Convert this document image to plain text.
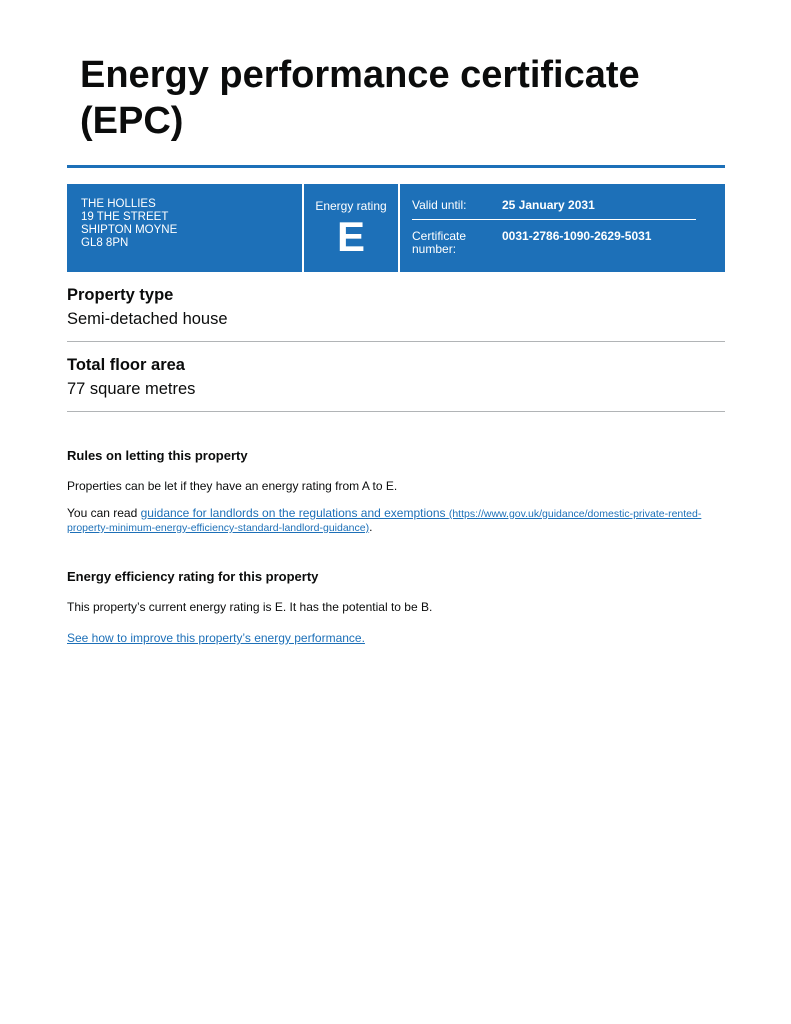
Energy performance certificate (EPC)
THE HOLLIES
19 THE STREET
SHIPTON MOYNE
GL8 8PN
Energy rating
E
Valid until:	25 January 2031
Certificate number:
0031-2786-1090-2629-5031
Property type

Semi-detached house

Total floor area

77 square metres

Rules on letting this property

Properties can be let if they have an energy rating from A to E.

You can read guidance for landlords on the regulations and exemptions (https://www.gov.uk/guidance/domestic-private-rented-property-minimum-energy-efficiency-standard-landlord-guidance).

Energy efficiency rating for this property

This property’s current energy rating is E. It has the potential to be B.

See how to improve this property’s energy performance.
